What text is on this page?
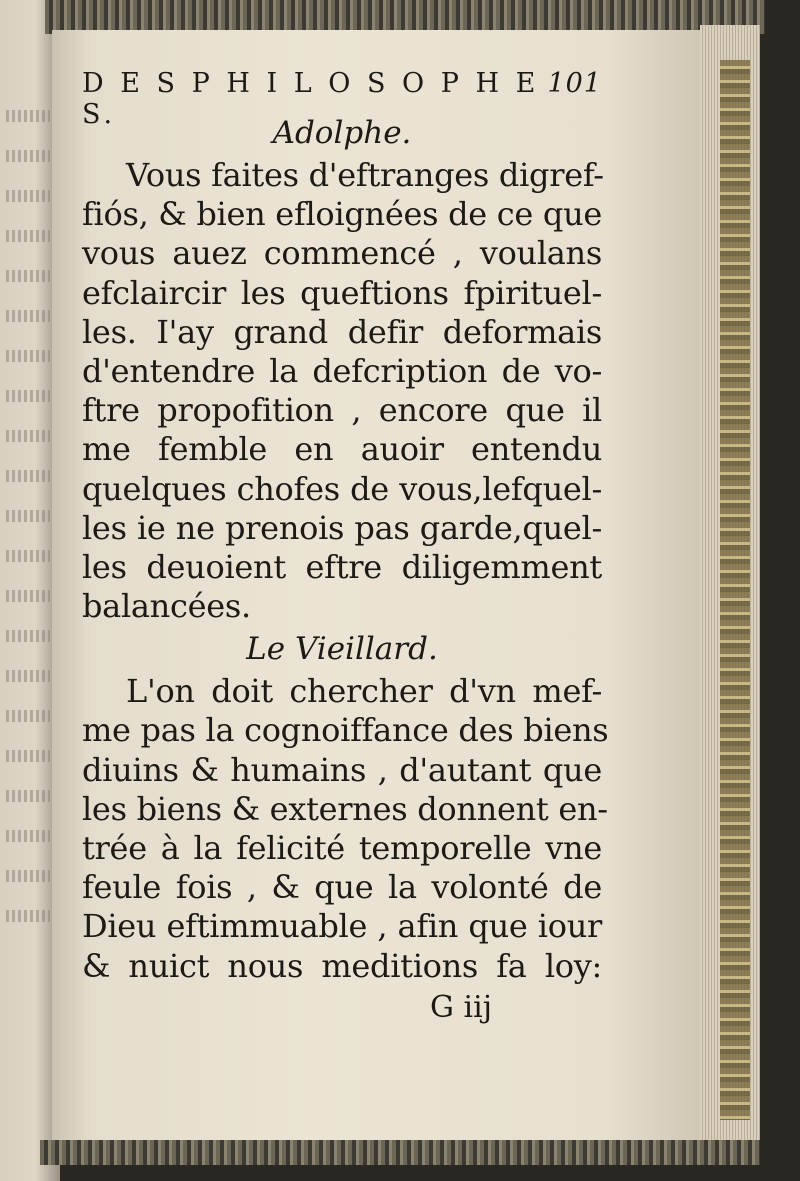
D E S P H I L O S O P H E S.
101
Adolphe.
Vous faites d'eftranges digref-
fiós, & bien efloignées de ce que
vous auez commencé , voulans
efclaircir les queftions fpirituel-
les. I'ay grand defir deformais
d'entendre la defcription de vo-
ftre propofition , encore que il
me femble en auoir entendu
quelques chofes de vous,lefquel-
les ie ne prenois pas garde,quel-
les deuoient eftre diligemment
balancées.
Le Vieillard.
L'on doit chercher d'vn mef-
me pas la cognoiffance des biens
diuins & humains , d'autant que
les biens & externes donnent en-
trée à la felicité temporelle vne
feule fois , & que la volonté de
Dieu eftimmuable , afin que iour
& nuict nous meditions fa loy:
G iij
